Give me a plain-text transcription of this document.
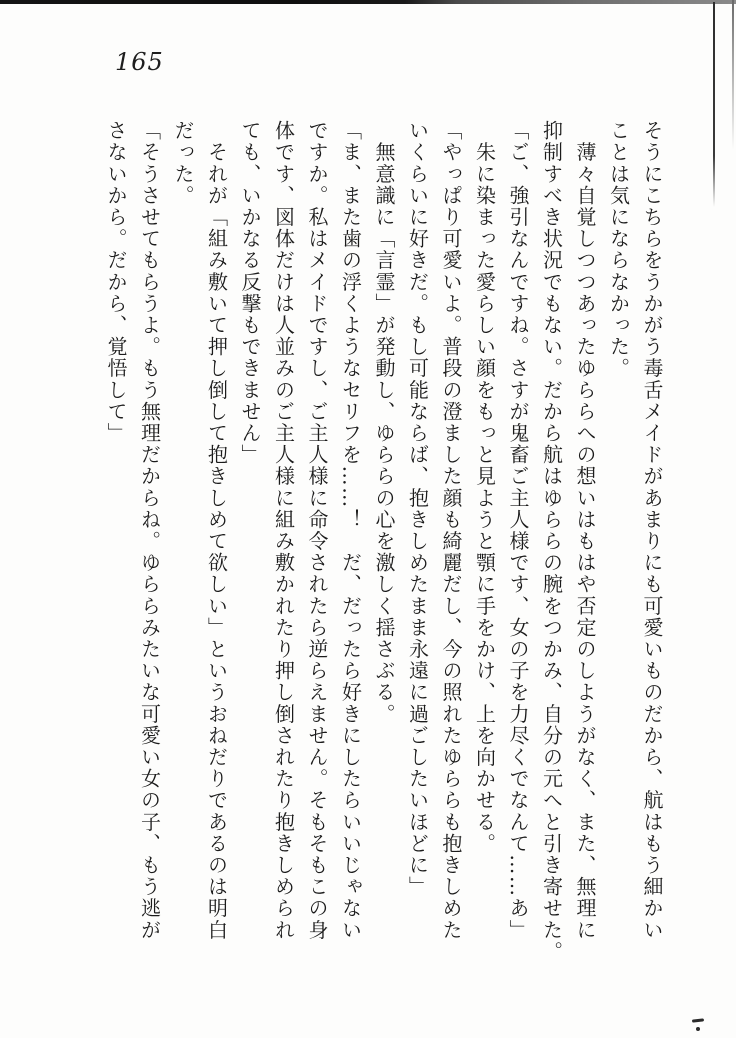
165

そうにこちらをうかがう毒舌メイドがあまりにも可愛いものだから、航はもう細かい

ことは気にならなかった。

　薄々自覚しつつあったゆららへの想いはもはや否定のしようがなく、また、無理に

抑制すべき状況でもない。だから航はゆららの腕をつかみ、自分の元へと引き寄せた。

「ご、強引なんですね。さすが鬼畜ご主人様です、女の子を力尽くでなんて……あ」

　朱に染まった愛らしい顔をもっと見ようと顎に手をかけ、上を向かせる。

「やっぱり可愛いよ。普段の澄ました顔も綺麗だし、今の照れたゆららも抱きしめた

いくらいに好きだ。もし可能ならば、抱きしめたまま永遠に過ごしたいほどに」

　無意識に「言霊」が発動し、ゆららの心を激しく揺さぶる。

「ま、また歯の浮くようなセリフを……！　だ、だったら好きにしたらいいじゃない

ですか。私はメイドですし、ご主人様に命令されたら逆らえません。そもそもこの身

体です、図体だけは人並みのご主人様に組み敷かれたり押し倒されたり抱きしめられ

ても、いかなる反撃もできません」

　それが「組み敷いて押し倒して抱きしめて欲しい」というおねだりであるのは明白

だった。

「そうさせてもらうよ。もう無理だからね。ゆららみたいな可愛い女の子、もう逃が

さないから。だから、覚悟して」
